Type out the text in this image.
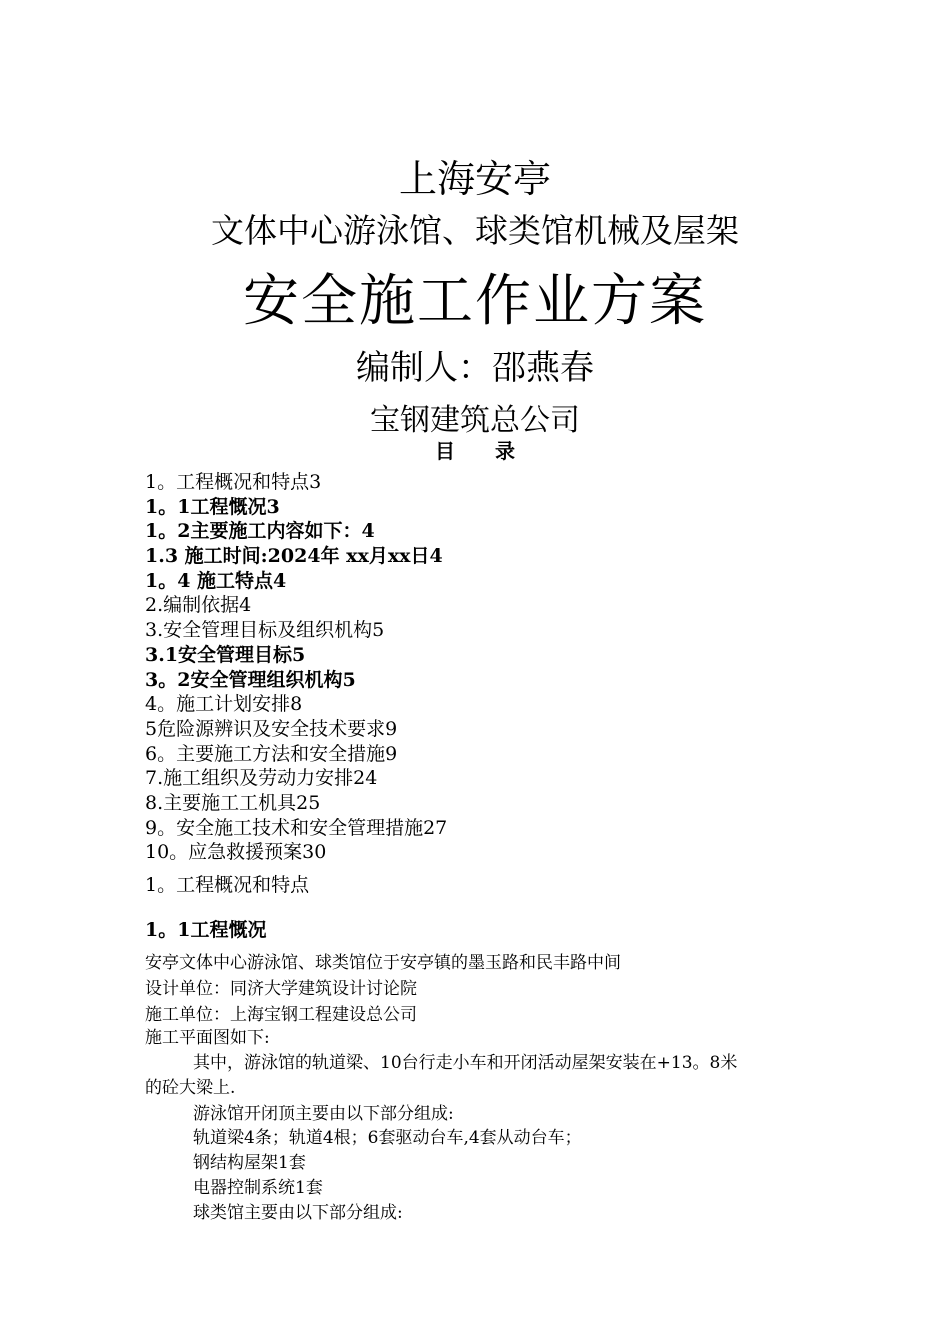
上海安亭
文体中心游泳馆、球类馆机械及屋架
安全施工作业方案
编制人：邵燕春
宝钢建筑总公司
目录
1。工程概况和特点3
1。1工程慨况3
1。2主要施工内容如下：4
1.3 施工时间:2024年 xx月xx日4
1。4 施工特点4
2.编制依据4
3.安全管理目标及组织机构5
3.1安全管理目标5
3。2安全管理组织机构5
4。施工计划安排8
5危险源辨识及安全技术要求9
6。主要施工方法和安全措施9
7.施工组织及劳动力安排24
8.主要施工工机具25
9。安全施工技术和安全管理措施27
10。应急救援预案30
1。工程概况和特点
1。1工程慨况
安亭文体中心游泳馆、球类馆位于安亭镇的墨玉路和民丰路中间
设计单位：同济大学建筑设计讨论院
施工单位：上海宝钢工程建设总公司
施工平面图如下:
其中，游泳馆的轨道梁、10台行走小车和开闭活动屋架安装在+13。8米
的砼大梁上.
游泳馆开闭顶主要由以下部分组成:
轨道梁4条；轨道4根；6套驱动台车,4套从动台车；
钢结构屋架1套
电器控制系统1套
球类馆主要由以下部分组成:
